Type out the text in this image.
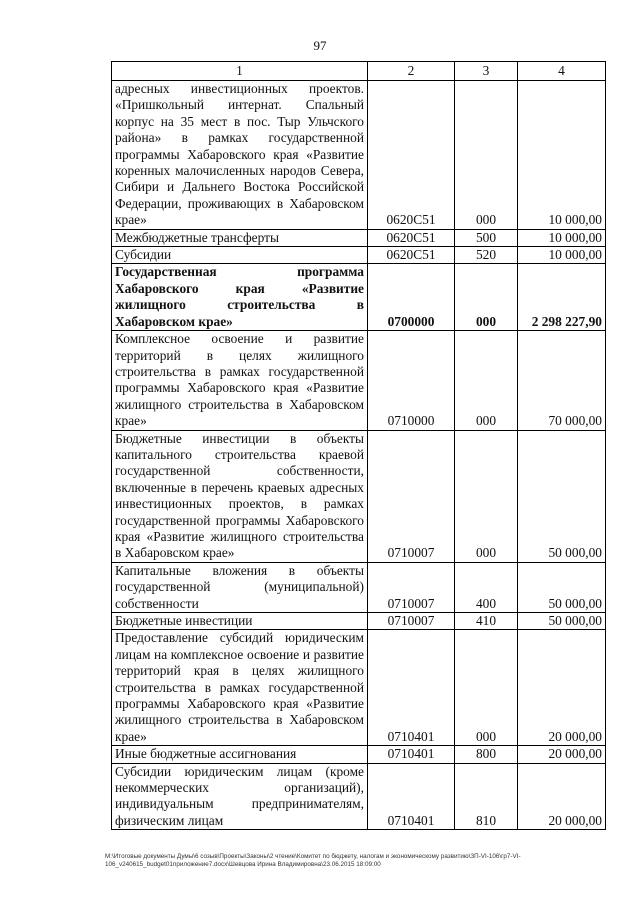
97
1	2	3	4
адресных инвестиционных проектов. «Пришкольный интернат. Спальный корпус на 35 мест в пос. Тыр Ульчского района» в рамках государственной программы Хабаровского края «Развитие коренных малочисленных народов Севера, Сибири и Дальнего Востока Российской Федерации, проживающих в Хабаровском крае»	0620С51	000	10 000,00
Межбюджетные трансферты	0620С51	500	10 000,00
Субсидии	0620С51	520	10 000,00
Государственная программа Хабаровского края «Развитие жилищного строительства в Хабаровском крае»	0700000	000	2 298 227,90
Комплексное освоение и развитие территорий в целях жилищного строительства в рамках государственной программы Хабаровского края «Развитие жилищного строительства в Хабаровском крае»	0710000	000	70 000,00
Бюджетные инвестиции в объекты капитального строительства краевой государственной собственности, включенные в перечень краевых адресных инвестиционных проектов, в рамках государственной программы Хабаровского края «Развитие жилищного строительства в Хабаровском крае»	0710007	000	50 000,00
Капитальные вложения в объекты государственной (муниципальной) собственности	0710007	400	50 000,00
Бюджетные инвестиции	0710007	410	50 000,00
Предоставление субсидий юридическим лицам на комплексное освоение и развитие территорий края в целях жилищного строительства в рамках государственной программы Хабаровского края «Развитие жилищного строительства в Хабаровском крае»	0710401	000	20 000,00
Иные бюджетные ассигнования	0710401	800	20 000,00
Субсидии юридическим лицам (кроме некоммерческих организаций), индивидуальным предпринимателям, физическим лицам	0710401	810	20 000,00
M:\Итоговые документы Думы\6 созыв\Проекты\Законы\2 чтение\Комитет по бюджету, налогам и экономическому развитию\ЗП-VI-106\гр7-VI-
106_v240615_budget01приложение7.docx\Шевцова Ирина Владимировна\23.06.2015 18:09:00
